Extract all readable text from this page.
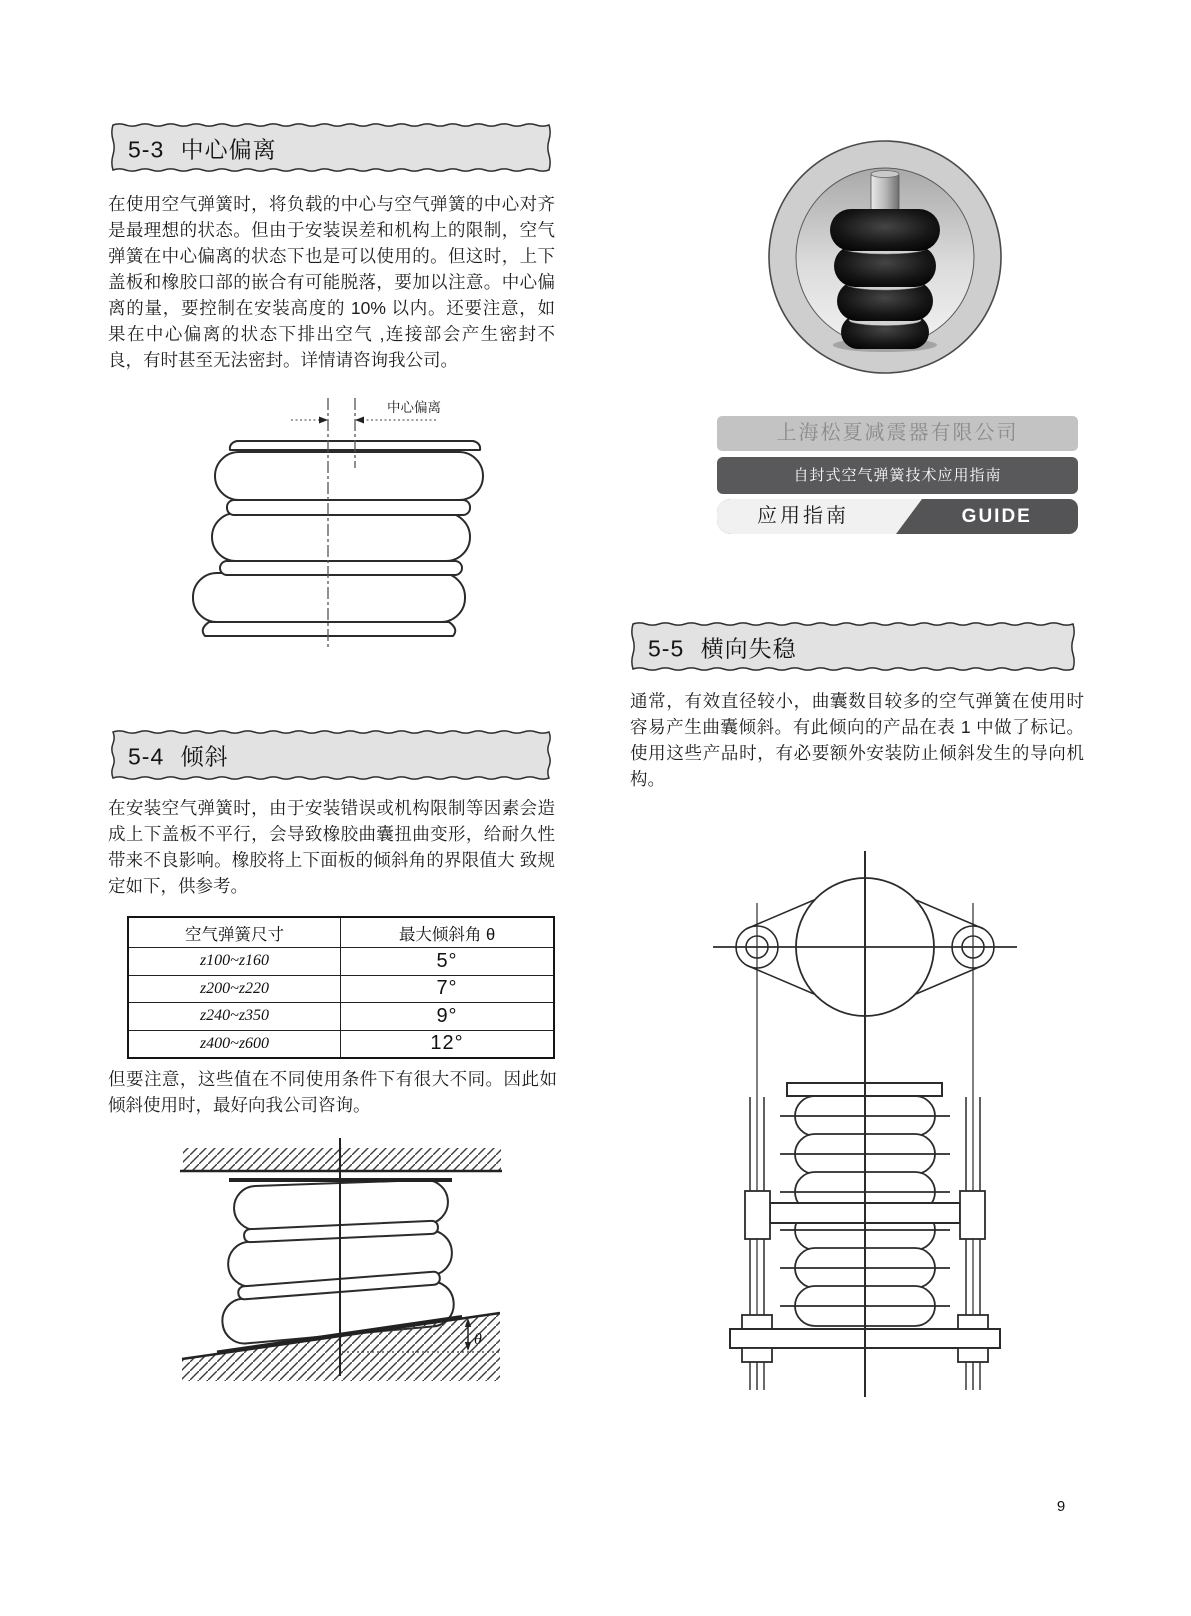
5-3 中心偏离
在使用空气弹簧时，将负载的中心与空气弹簧的中心对齐是最理想的状态。但由于安装误差和机构上的限制，空气弹簧在中心偏离的状态下也是可以使用的。但这时，上下盖板和橡胶口部的嵌合有可能脱落，要加以注意。中心偏离的量，要控制在安装高度的 10% 以内。还要注意，如果在中心偏离的状态下排出空气 ,连接部会产生密封不良，有时甚至无法密封。详情请咨询我公司。
中心偏离
上海松夏减震器有限公司
自封式空气弹簧技术应用指南
应用指南	GUIDE
5-5 横向失稳
通常，有效直径较小，曲囊数目较多的空气弹簧在使用时容易产生曲囊倾斜。有此倾向的产品在表 1 中做了标记。使用这些产品时，有必要额外安装防止倾斜发生的导向机构。
5-4 倾斜
在安装空气弹簧时，由于安装错误或机构限制等因素会造成上下盖板不平行，会导致橡胶曲囊扭曲变形，给耐久性带来不良影响。橡胶将上下面板的倾斜角的界限值大 致规定如下，供参考。
空气弹簧尺寸	最大倾斜角 θ
z100~z160	5°
z200~z220	7°
z240~z350	9°
z400~z600	12°
但要注意，这些值在不同使用条件下有很大不同。因此如倾斜使用时，最好向我公司咨询。
θ
9
